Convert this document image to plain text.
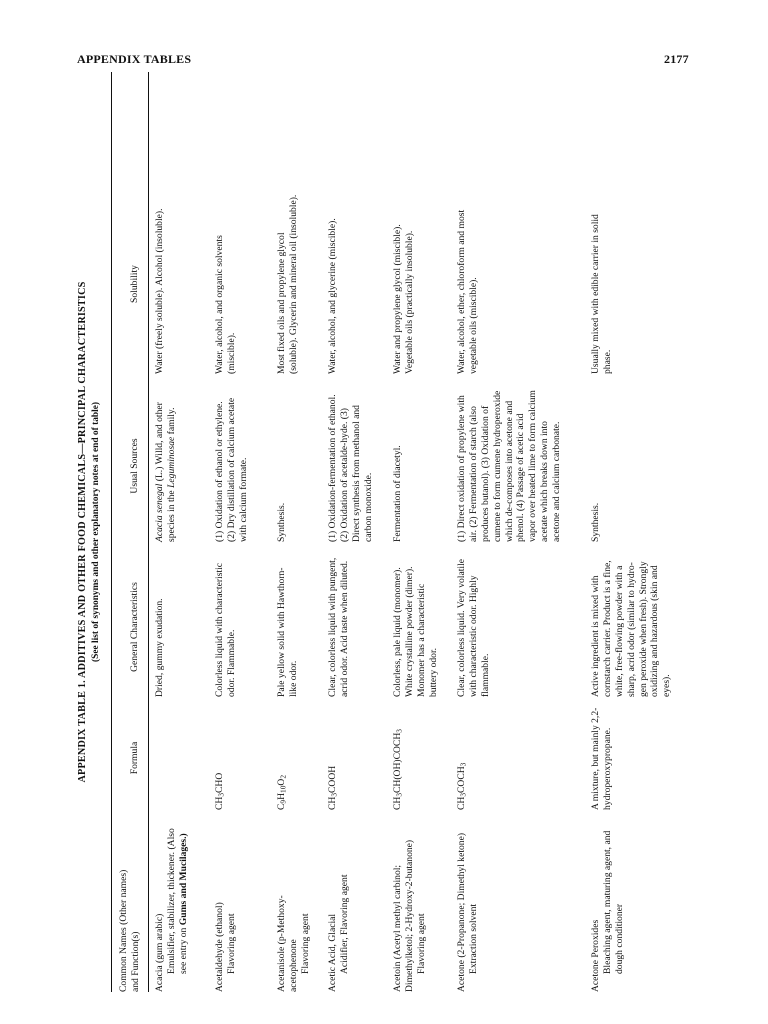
APPENDIX TABLES	2177
APPENDIX TABLE 1. ADDITIVES AND OTHER FOOD CHEMICALS—PRINCIPAL CHARACTERISTICS (See list of synonyms and other explanatory notes at end of table)
Common Names (Other names) and Function(s)
Formula
General Characteristics
Usual Sources
Solubility
Acacia (gum arabic) Emulsifier, stabilizer, thickener. (Also see entry on Gums and Mucilages.)
Dried, gummy exudation.
Acacia senegal (L.) Willd, and other species in the Leguminosae family.
Water (freely soluble). Alcohol (insoluble).
Acetaldehyde (ethanol) Flavoring agent
$CH_3CHO$
Colorless liquid with characteristic odor. Flammable.
(1) Oxidation of ethanol or ethylene. (2) Dry distillation of calcium acetate with calcium formate.
Water, alcohol, and organic solvents (miscible).
Acetanisole (p-Methoxy-acetophenone Flavoring agent
$C_9H_{10}O_2$
Pale yellow solid with Hawthorn-like odor.
Synthesis.
Most fixed oils and propylene glycol (soluble). Glycerin and mineral oil (insoluble).
Acetic Acid, Glacial Acidifier, Flavoring agent
$CH_3COOH$
Clear, colorless liquid with pungent, acrid odor. Acid taste when diluted.
(1) Oxidation-fermentation of ethanol. (2) Oxidation of acetalde-hyde. (3) Direct synthesis from methanol and carbon monoxide.
Water, alcohol, and glycerine (miscible).
Acetoin (Acetyl methyl carbinol; Dimethylketol; 2-Hydroxy-2-butanone) Flavoring agent
$CH_3CH(OH)COCH_3$
Colorless, pale liquid (monomer). White crystalline powder (dimer). Monomer has a characteristic buttery odor.
Fermentation of diacetyl.
Water and propylene glycol (miscible). Vegetable oils (practically insoluble).
Acetone (2-Propanone; Dimethyl ketone) Extraction solvent
$CH_3COCH_3$
Clear, colorless liquid. Very volatile with characteristic odor. Highly flammable.
(1) Direct oxidation of propylene with air. (2) Fermentation of starch (also produces butanol). (3) Oxidation of cumene to form cumene hydroperoxide which de-composes into acetone and phenol. (4) Passage of acetic acid vapor over heated lime to form calcium acetate which breaks down into acetone and calcium carbonate.
Water, alcohol, ether, chloroform and most vegetable oils (miscible).
Acetone Peroxides Bleaching agent, maturing agent, and dough conditioner
A mixture, but mainly 2,2-hydroperoxypropane.
Active ingredient is mixed with cornstarch carrier. Product is a fine, white, free-flowing powder with a sharp, acrid odor (similar to hydro-gen peroxide when fresh). Strongly oxidizing and hazardous (skin and eyes).
Synthesis.
Usually mixed with edible carrier in solid phase.
